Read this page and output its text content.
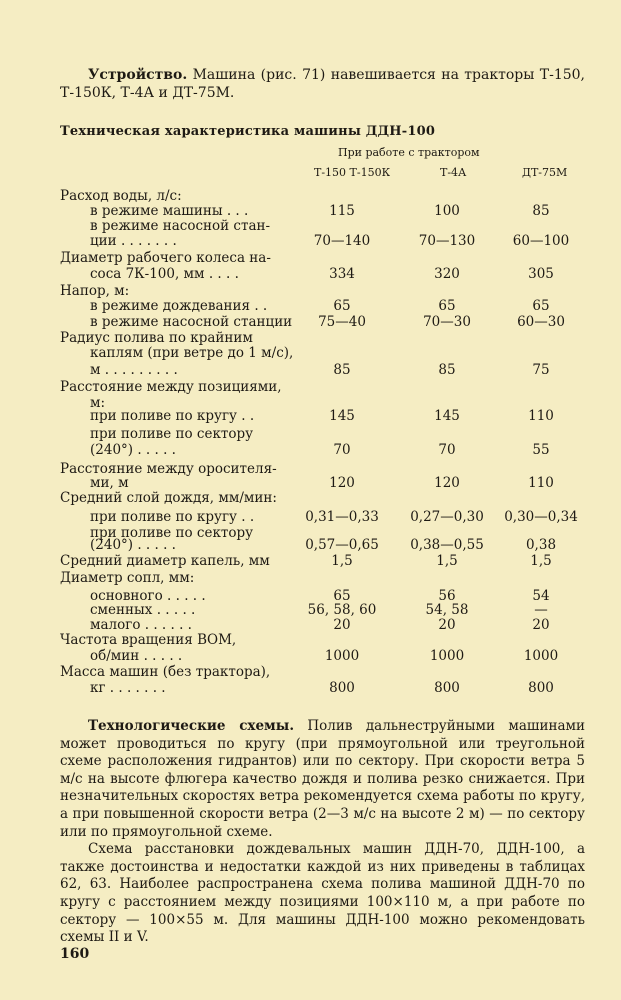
Устройство. Машина (рис. 71) навешивается на тракторы Т-150, Т-150К, Т-4А и ДТ-75М.

Техническая характеристика машины ДДН-100
При работе с трактором
Т-150 Т-150К	Т-4А	ДТ-75М
Расход воды, л/с:
в режиме машины . . .	115	100	85
в режиме насосной стан-
ции . . . . . . .	70—140	70—130	60—100
Диаметр рабочего колеса на-
соса 7К-100, мм . . . .	334	320	305
Напор, м:
в режиме дождевания . .	65	65	65
в режиме насосной станции	75—40	70—30	60—30
Радиус полива по крайним
каплям (при ветре до 1 м/с),
м . . . . . . . . .	85	85	75
Расстояние между позициями,
м:
при поливе по кругу . .	145	145	110
при поливе по сектору
(240°) . . . . .	70	70	55
Расстояние между оросителя-
ми, м	120	120	110
Средний слой дождя, мм/мин:
при поливе по кругу . .	0,31—0,33	0,27—0,30	0,30—0,34
при поливе по сектору
(240°) . . . . .	0,57—0,65	0,38—0,55	0,38
Средний диаметр капель, мм	1,5	1,5	1,5
Диаметр сопл, мм:
основного . . . . .	65	56	54
сменных . . . . .	56, 58, 60	54, 58	—
малого . . . . . .	20	20	20
Частота вращения ВОМ,
об/мин . . . . .	1000	1000	1000
Масса машин (без трактора),
кг . . . . . . .	800	800	800

Технологические схемы. Полив дальнеструйными машинами может проводиться по кругу (при прямоугольной или треугольной схеме расположения гидрантов) или по сектору. При скорости ветра 5 м/с на высоте флюгера качество дождя и полива резко снижается. При незначительных скоростях ветра рекомендуется схема работы по кругу, а при повышенной скорости ветра (2—3 м/с на высоте 2 м) — по сектору или по прямоугольной схеме.

Схема расстановки дождевальных машин ДДН-70, ДДН-100, а также достоинства и недостатки каждой из них приведены в таблицах 62, 63. Наиболее распространена схема полива машиной ДДН-70 по кругу с расстоянием между позициями 100×110 м, а при работе по сектору — 100×55 м. Для машины ДДН-100 можно рекомендовать схемы II и V.

160
